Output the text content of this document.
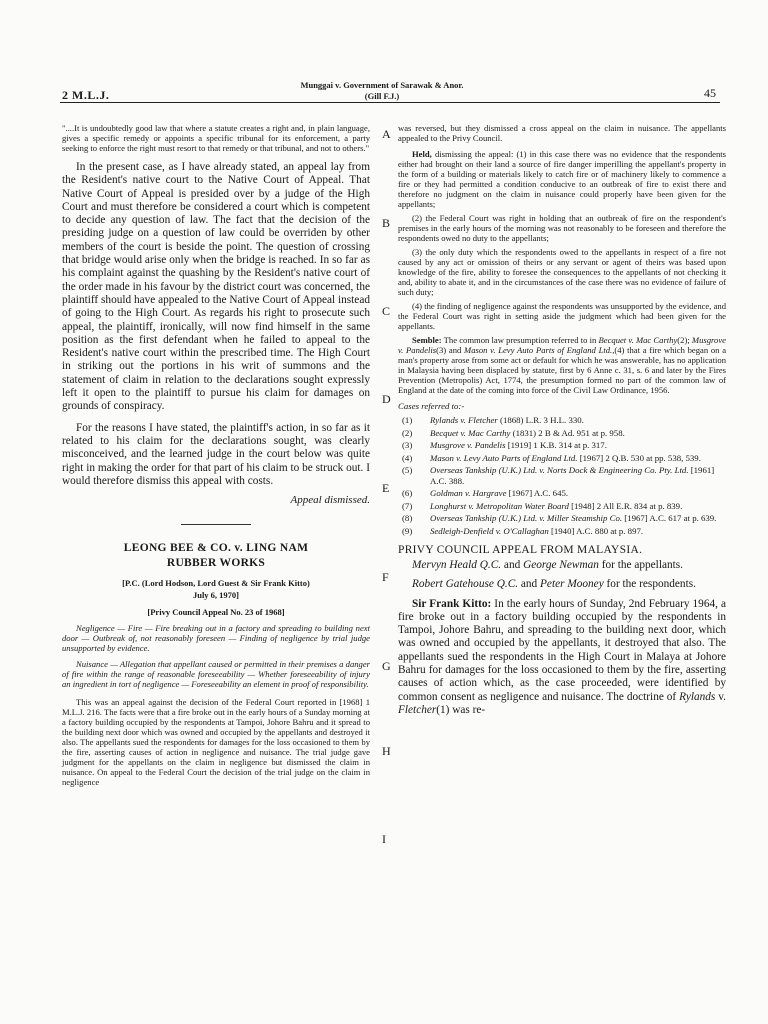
2 M.L.J.
Munggai v. Government of Sarawak & Anor.
(Gill F.J.)	45
A
B
C
D
E
F
G
H
I

"....It is undoubtedly good law that where a statute creates a right and, in plain language, gives a specific remedy or appoints a specific tribunal for its enforcement, a party seeking to enforce the right must resort to that remedy or that tribunal, and not to others."

In the present case, as I have already stated, an appeal lay from the Resident's native court to the Native Court of Appeal. That Native Court of Appeal is presided over by a judge of the High Court and must therefore be considered a court which is competent to decide any question of law. The fact that the decision of the presiding judge on a question of law could be overriden by other members of the court is beside the point. The question of crossing that bridge would arise only when the bridge is reached. In so far as his complaint against the quashing by the Resident's native court of the order made in his favour by the district court was concerned, the plaintiff should have appealed to the Native Court of Appeal instead of going to the High Court. As regards his right to prosecute such appeal, the plaintiff, ironically, will now find himself in the same position as the first defendant when he failed to appeal to the Resident's native court within the prescribed time. The High Court in striking out the portions in his writ of summons and the statement of claim in relation to the declarations sought expressly left it open to the plaintiff to pursue his claim for damages on grounds of conspiracy.

For the reasons I have stated, the plaintiff's action, in so far as it related to his claim for the declarations sought, was clearly misconceived, and the learned judge in the court below was quite right in making the order for that part of his claim to be struck out. I would therefore dismiss this appeal with costs.

Appeal dismissed.

LEONG BEE & CO. v. LING NAM
RUBBER WORKS
[P.C. (Lord Hodson, Lord Guest & Sir Frank Kitto)
July 6, 1970]
[Privy Council Appeal No. 23 of 1968]

Negligence — Fire — Fire breaking out in a factory and spreading to building next door — Outbreak of, not reasonably foreseen — Finding of negligence by trial judge unsupported by evidence.

Nuisance — Allegation that appellant caused or permitted in their premises a danger of fire within the range of reasonable foreseeability — Whether foreseeability of injury an ingredient in tort of negligence — Foreseeability an element in proof of responsibility.

This was an appeal against the decision of the Federal Court reported in [1968] 1 M.L.J. 216. The facts were that a fire broke out in the early hours of a Sunday morning at a factory building occupied by the respondents at Tampoi, Johore Bahru and it spread to the building next door which was owned and occupied by the appellants and destroyed it also. The appellants sued the respondents for damages for the loss occasioned to them by the fire, asserting causes of action in negligence and nuisance. The trial judge gave judgment for the appellants on the claim in negligence but dismissed the claim in nuisance. On appeal to the Federal Court the decision of the trial judge on the claim in negligence

was reversed, but they dismissed a cross appeal on the claim in nuisance. The appellants appealed to the Privy Council.

Held, dismissing the appeal: (1) in this case there was no evidence that the respondents either had brought on their land a source of fire danger imperilling the appellant's property in the form of a building or materials likely to catch fire or of machinery likely to commence a fire or they had permitted a condition conducive to an outbreak of fire to exist there and therefore no judgment on the claim in nuisance could properly have been given for the appellants;

(2) the Federal Court was right in holding that an outbreak of fire on the respondent's premises in the early hours of the morning was not reasonably to be foreseen and therefore the respondents owed no duty to the appellants;

(3) the only duty which the respondents owed to the appellants in respect of a fire not caused by any act or omission of theirs or any servant or agent of theirs was based upon knowledge of the fire, ability to foresee the consequences to the appellants of not checking it and, ability to abate it, and in the circumstances of the case there was no evidence of failure of such duty;

(4) the finding of negligence against the respondents was unsupported by the evidence, and the Federal Court was right in setting aside the judgment which had been given for the appellants.

Semble: The common law presumption referred to in Becquet v. Mac Carthy(2); Musgrove v. Pandelis(3) and Mason v. Levy Auto Parts of England Ltd.,(4) that a fire which began on a man's property arose from some act or default for which he was answerable, has no application in Malaysia having been displaced by statute, first by 6 Anne c. 31, s. 6 and later by the Fires Prevention (Metropolis) Act, 1774, the presumption formed no part of the common law of England at the date of the coming into force of the Civil Law Ordinance, 1956.

Cases referred to:-
(1)	Rylands v. Fletcher (1868) L.R. 3 H.L. 330.
(2)	Becquet v. Mac Carthy (1831) 2 B & Ad. 951 at p. 958.
(3)	Musgrove v. Pandelis [1919] 1 K.B. 314 at p. 317.
(4)	Mason v. Levy Auto Parts of England Ltd. [1967] 2 Q.B. 530 at pp. 538, 539.
(5)	Overseas Tankship (U.K.) Ltd. v. Norts Dock & Engineering Co. Pty. Ltd. [1961] A.C. 388.
(6)	Goldman v. Hargrave [1967] A.C. 645.
(7)	Longhurst v. Metropolitan Water Board [1948] 2 All E.R. 834 at p. 839.
(8)	Overseas Tankship (U.K.) Ltd. v. Miller Steamship Co. [1967] A.C. 617 at p. 639.
(9)	Sedleigh-Denfield v. O'Callaghan [1940] A.C. 880 at p. 897.
PRIVY COUNCIL APPEAL FROM MALAYSIA.

Mervyn Heald Q.C. and George Newman for the appellants.

Robert Gatehouse Q.C. and Peter Mooney for the respondents.

Sir Frank Kitto: In the early hours of Sunday, 2nd February 1964, a fire broke out in a factory building occupied by the respondents in Tampoi, Johore Bahru, and spreading to the building next door, which was owned and occupied by the appellants, it destroyed that also. The appellants sued the respondents in the High Court in Malaya at Johore Bahru for damages for the loss occasioned to them by the fire, asserting causes of action which, as the case proceeded, were identified by common consent as negligence and nuisance. The doctrine of Rylands v. Fletcher(1) was re-
